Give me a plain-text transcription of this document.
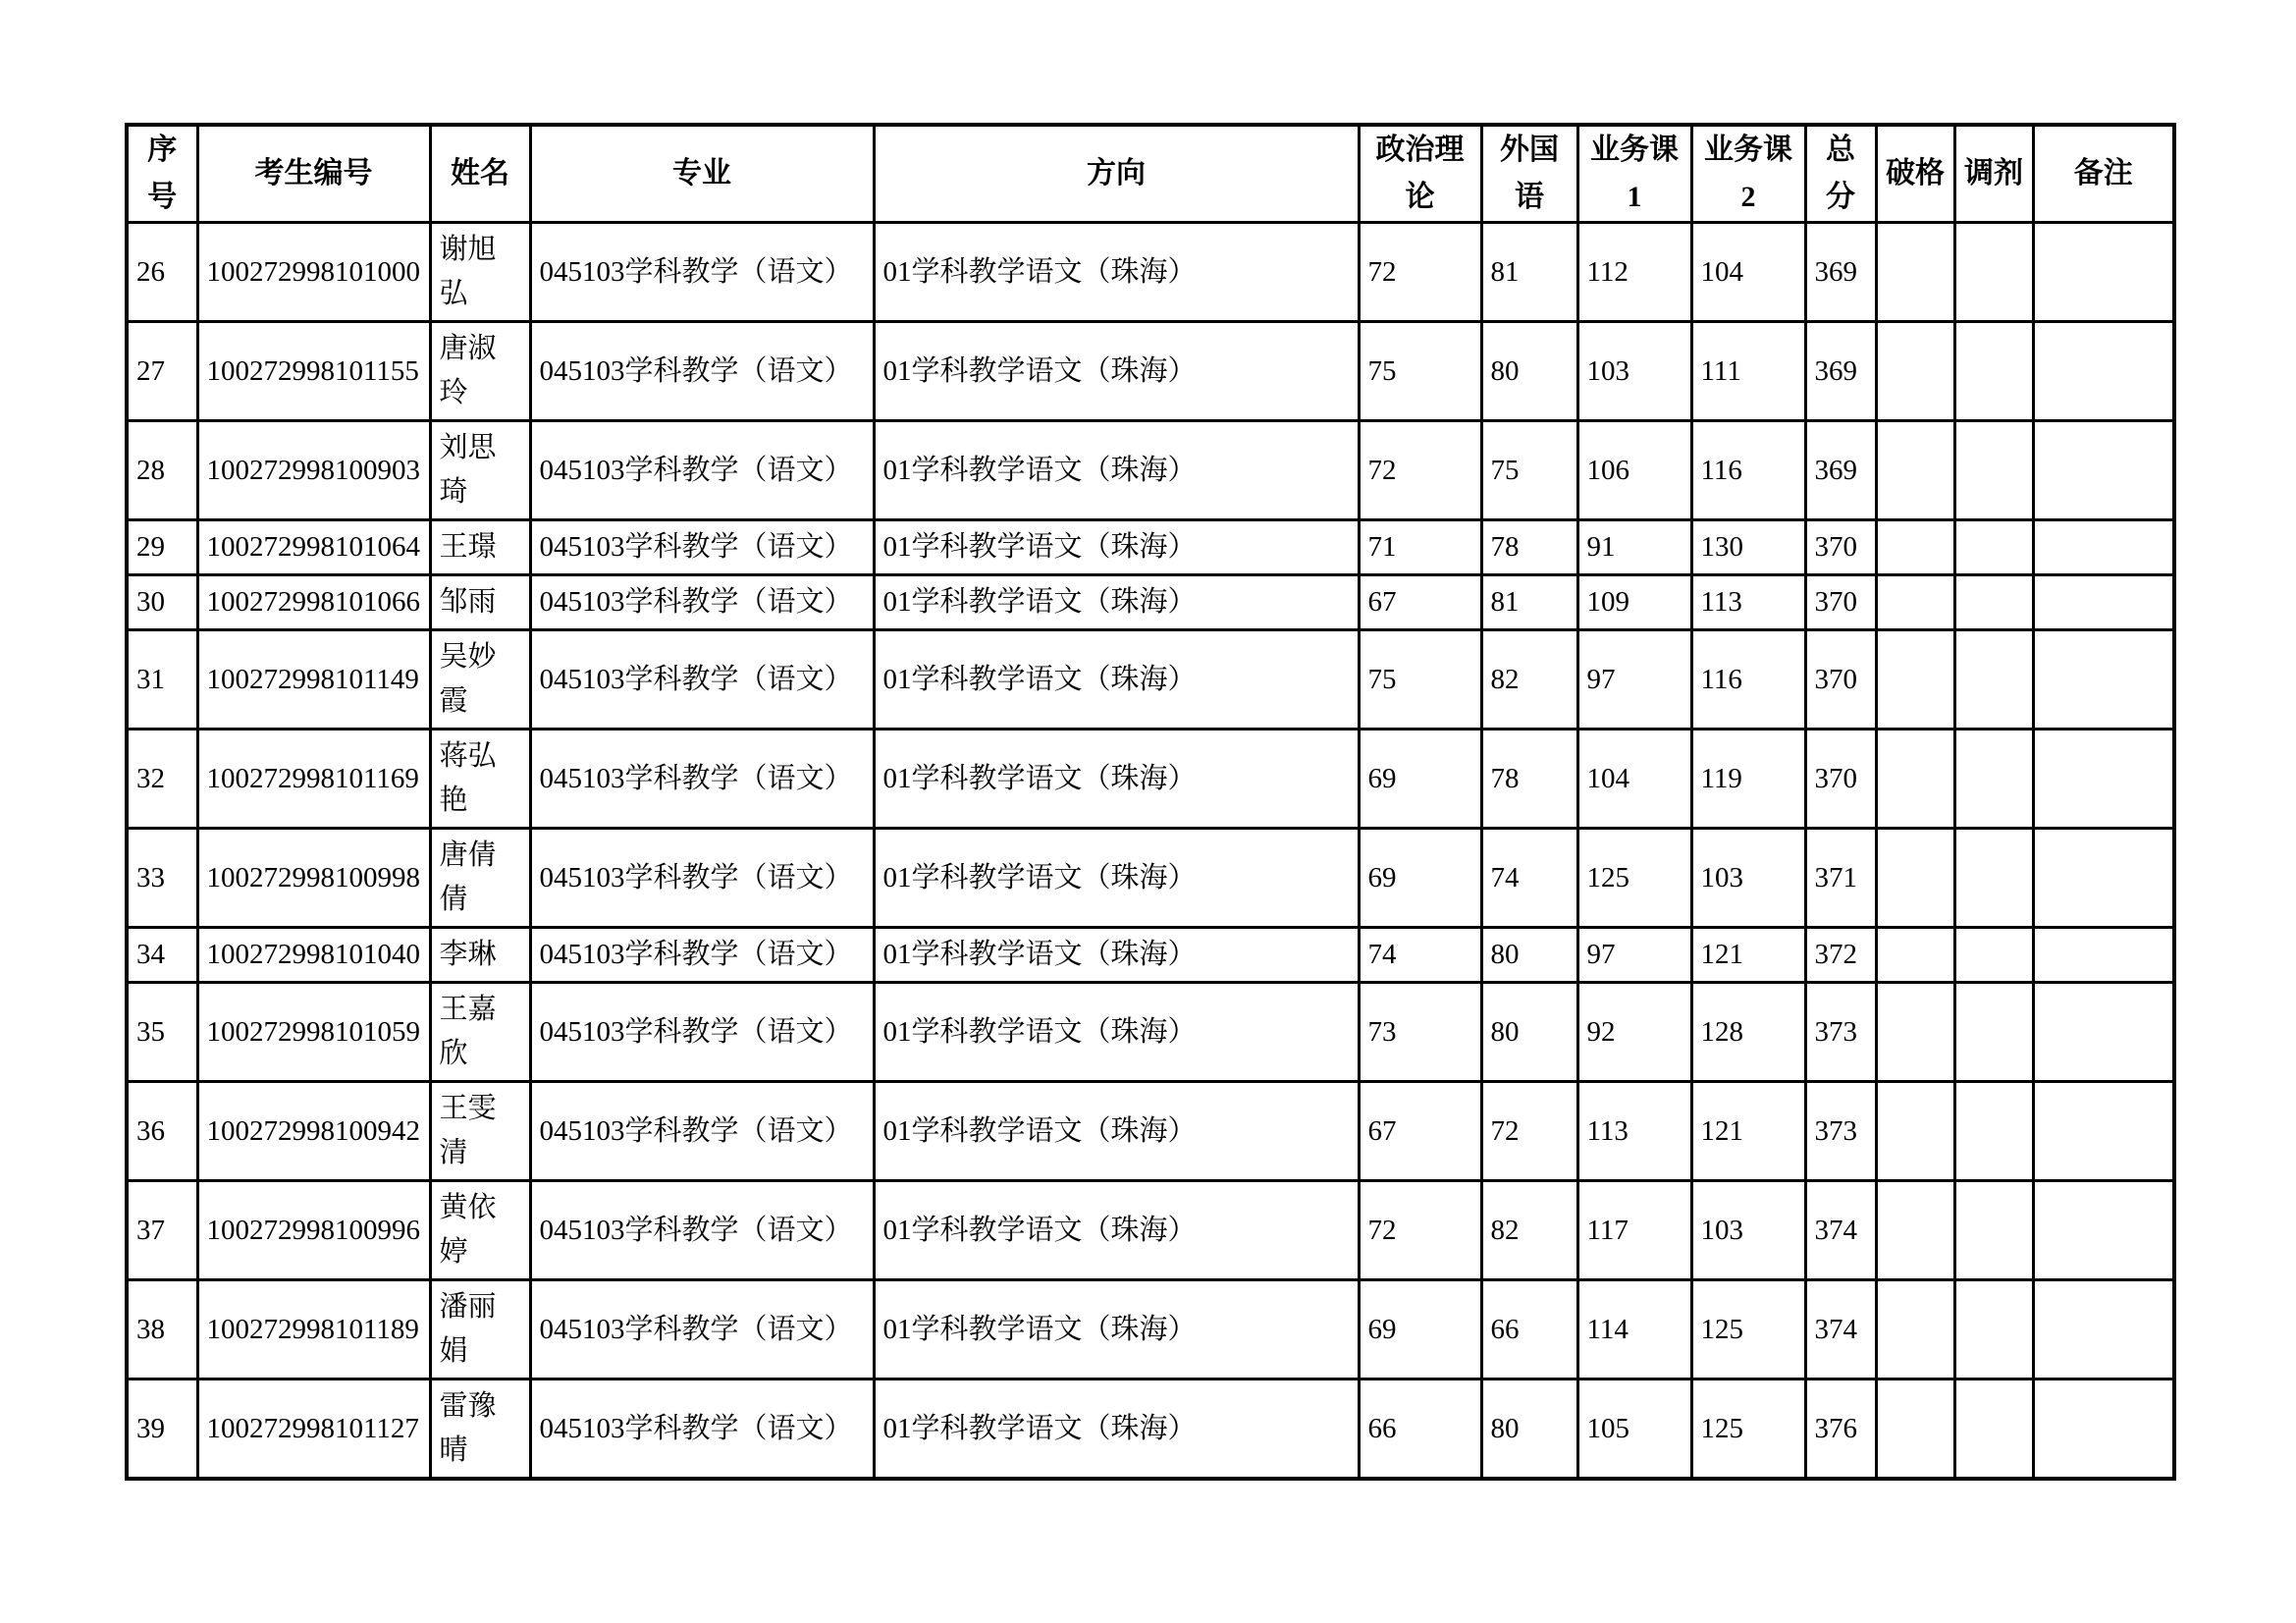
序号	考生编号	姓名	专业	方向	政治理论	外国语	业务课1	业务课2	总分	破格	调剂	备注
26	100272998101000	谢旭弘	045103学科教学（语文）	01学科教学语文（珠海）	72	81	112	104	369			
27	100272998101155	唐淑玲	045103学科教学（语文）	01学科教学语文（珠海）	75	80	103	111	369			
28	100272998100903	刘思琦	045103学科教学（语文）	01学科教学语文（珠海）	72	75	106	116	369			
29	100272998101064	王璟	045103学科教学（语文）	01学科教学语文（珠海）	71	78	91	130	370			
30	100272998101066	邹雨	045103学科教学（语文）	01学科教学语文（珠海）	67	81	109	113	370			
31	100272998101149	吴妙霞	045103学科教学（语文）	01学科教学语文（珠海）	75	82	97	116	370			
32	100272998101169	蒋弘艳	045103学科教学（语文）	01学科教学语文（珠海）	69	78	104	119	370			
33	100272998100998	唐倩倩	045103学科教学（语文）	01学科教学语文（珠海）	69	74	125	103	371			
34	100272998101040	李琳	045103学科教学（语文）	01学科教学语文（珠海）	74	80	97	121	372			
35	100272998101059	王嘉欣	045103学科教学（语文）	01学科教学语文（珠海）	73	80	92	128	373			
36	100272998100942	王雯清	045103学科教学（语文）	01学科教学语文（珠海）	67	72	113	121	373			
37	100272998100996	黄依婷	045103学科教学（语文）	01学科教学语文（珠海）	72	82	117	103	374			
38	100272998101189	潘丽娟	045103学科教学（语文）	01学科教学语文（珠海）	69	66	114	125	374			
39	100272998101127	雷豫晴	045103学科教学（语文）	01学科教学语文（珠海）	66	80	105	125	376			
